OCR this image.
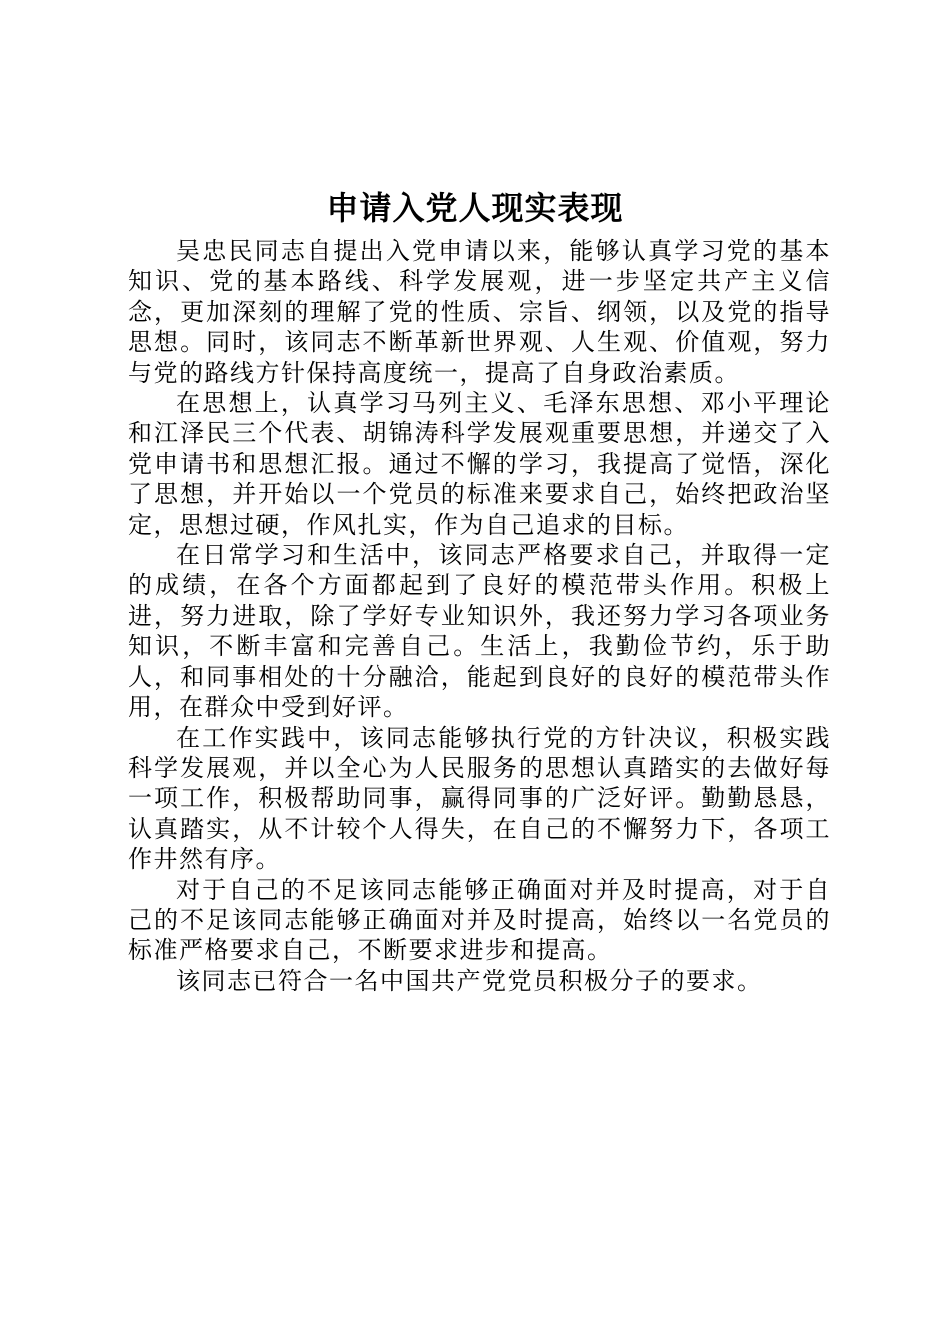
申请入党人现实表现

吴忠民同志自提出入党申请以来，能够认真学习党的基本知识、党的基本路线、科学发展观，进一步坚定共产主义信念，更加深刻的理解了党的性质、宗旨、纲领，以及党的指导思想。同时，该同志不断革新世界观、人生观、价值观，努力与党的路线方针保持高度统一，提高了自身政治素质。

在思想上，认真学习马列主义、毛泽东思想、邓小平理论和江泽民三个代表、胡锦涛科学发展观重要思想，并递交了入党申请书和思想汇报。通过不懈的学习，我提高了觉悟，深化了思想，并开始以一个党员的标准来要求自己，始终把政治坚定，思想过硬，作风扎实，作为自己追求的目标。

在日常学习和生活中，该同志严格要求自己，并取得一定的成绩，在各个方面都起到了良好的模范带头作用。积极上进，努力进取，除了学好专业知识外，我还努力学习各项业务知识，不断丰富和完善自己。生活上，我勤俭节约，乐于助人，和同事相处的十分融洽，能起到良好的良好的模范带头作用，在群众中受到好评。

在工作实践中，该同志能够执行党的方针决议，积极实践科学发展观，并以全心为人民服务的思想认真踏实的去做好每一项工作，积极帮助同事，赢得同事的广泛好评。勤勤恳恳，认真踏实，从不计较个人得失，在自己的不懈努力下，各项工作井然有序。

对于自己的不足该同志能够正确面对并及时提高，对于自己的不足该同志能够正确面对并及时提高，始终以一名党员的标准严格要求自己，不断要求进步和提高。

该同志已符合一名中国共产党党员积极分子的要求。
